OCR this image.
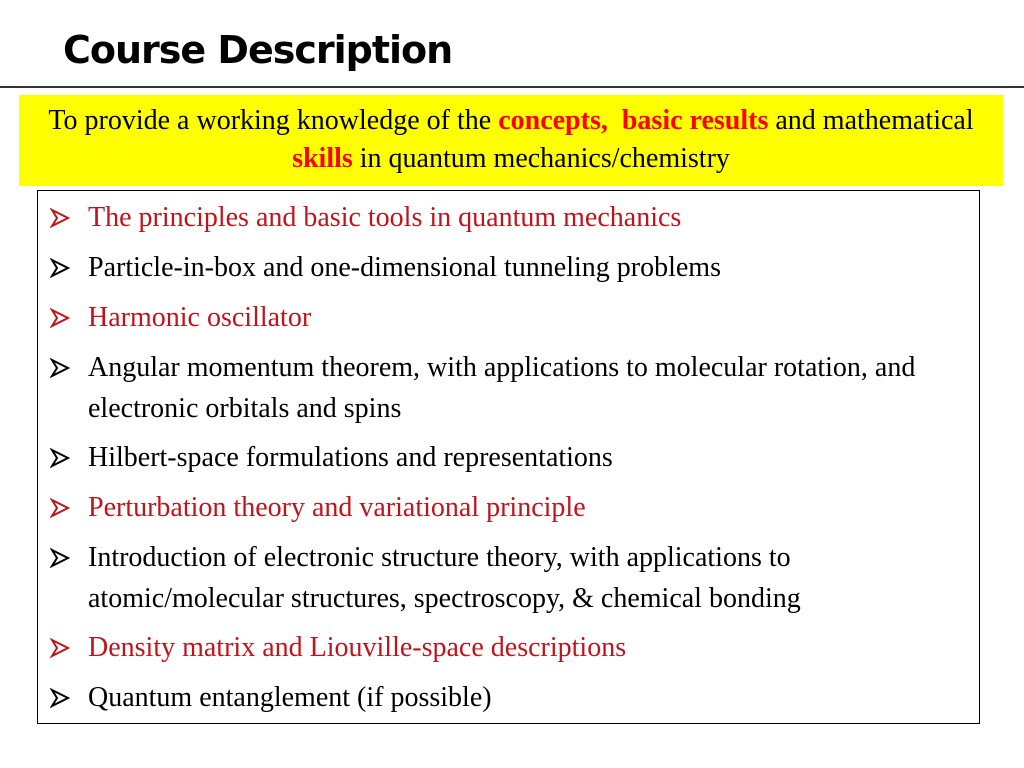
Course Description
To provide a working knowledge of the concepts, basic results and mathematical skills in quantum mechanics/chemistry
The principles and basic tools in quantum mechanics
Particle-in-box and one-dimensional tunneling problems
Harmonic oscillator
Angular momentum theorem, with applications to molecular rotation, and electronic orbitals and spins
Hilbert-space formulations and representations
Perturbation theory and variational principle
Introduction of electronic structure theory, with applications to atomic/molecular structures, spectroscopy, & chemical bonding
Density matrix and Liouville-space descriptions
Quantum entanglement (if possible)
